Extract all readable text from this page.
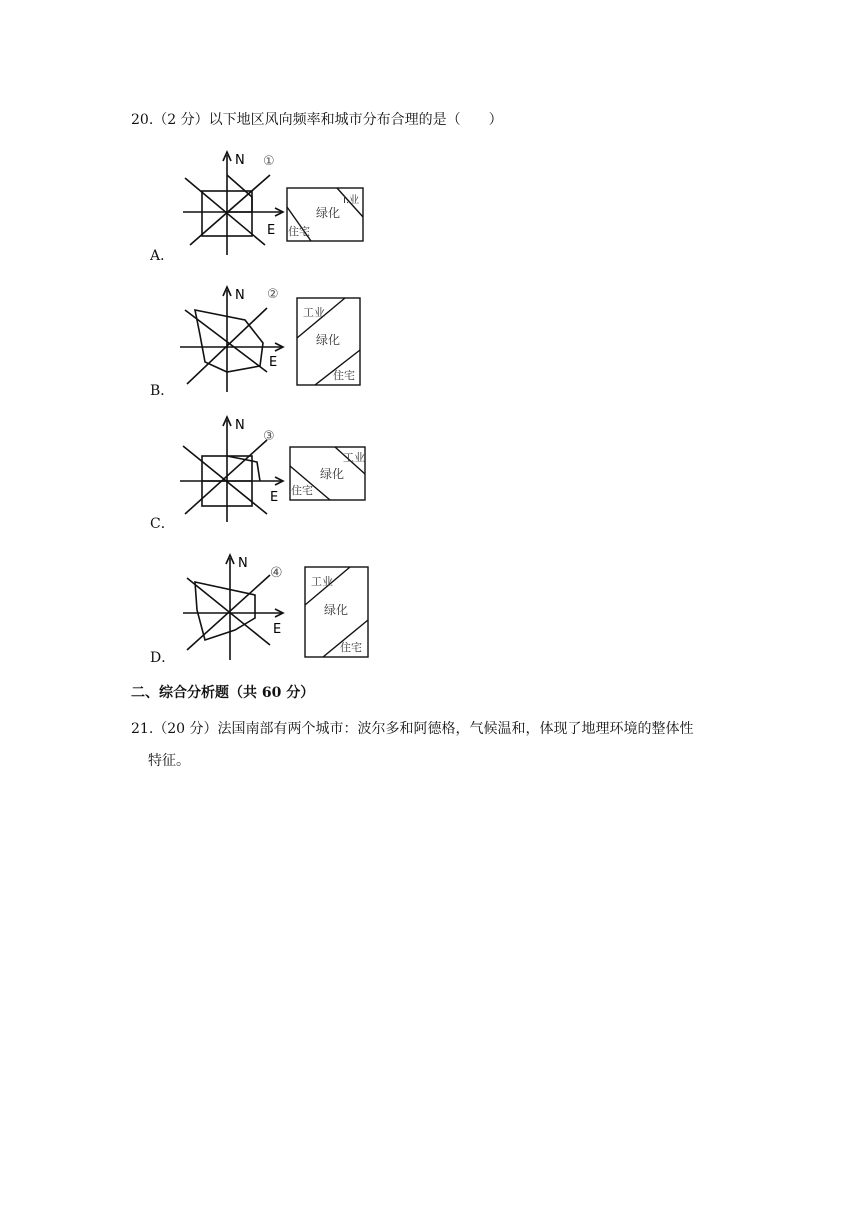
20.（2 分）以下地区风向频率和城市分布合理的是（　　）
A．
N
E
①
I.业
绿化
住宅
B．
N
E
②
工业
绿化
住宅
C．
N
E
③
工业
绿化
住宅
D．
N
E
④
工业
绿化
住宅
二、综合分析题（共 60 分）
21.（20 分）法国南部有两个城市：波尔多和阿德格，气候温和，体现了地理环境的整体性
特征。
